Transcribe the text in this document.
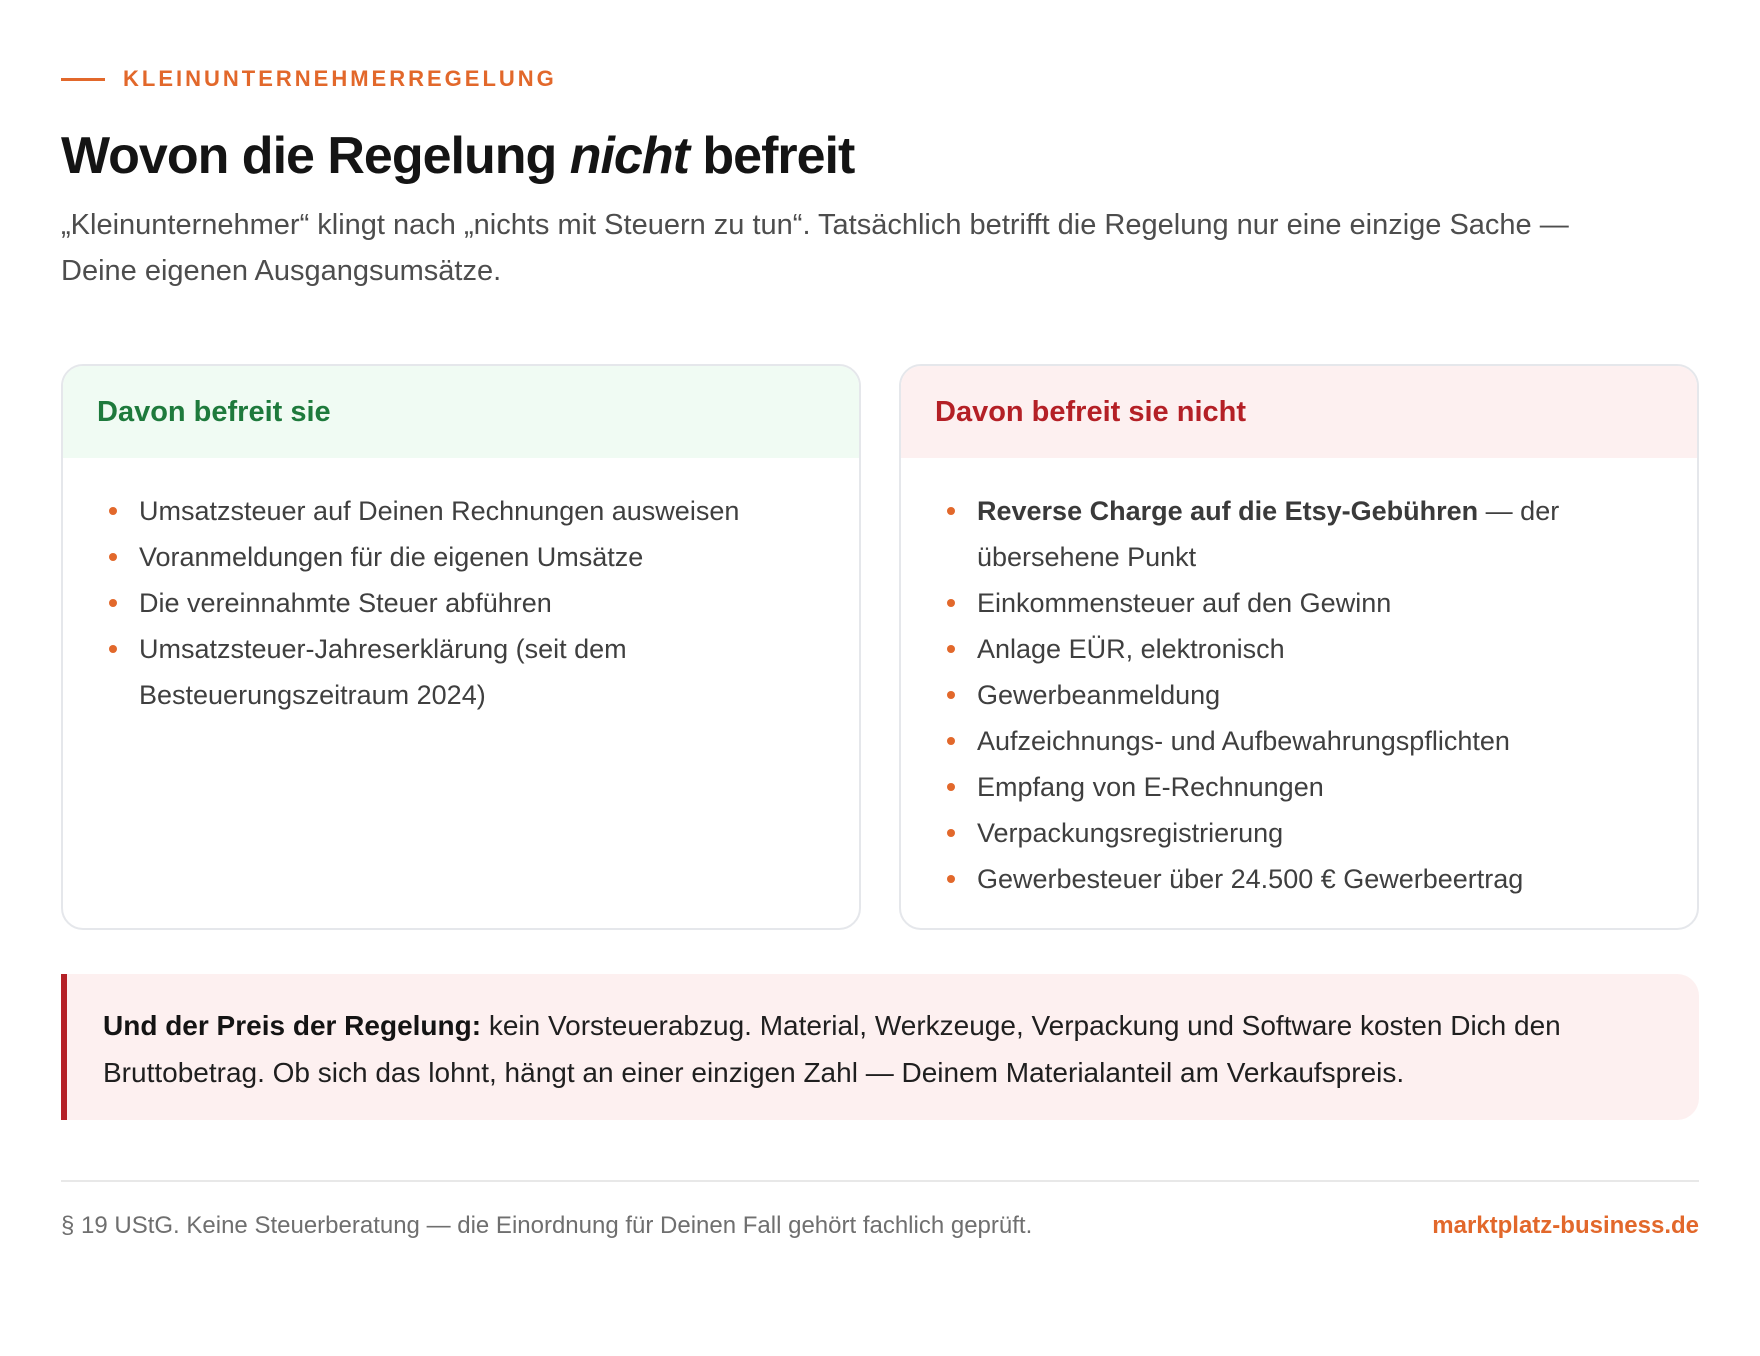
KLEINUNTERNEHMERREGELUNG
Wovon die Regelung nicht befreit

„Kleinunternehmer“ klingt nach „nichts mit Steuern zu tun“. Tatsächlich betrifft die Regelung nur eine einzige Sache — Deine eigenen Ausgangsumsätze.

Davon befreit sie
Umsatzsteuer auf Deinen Rechnungen ausweisen
Voranmeldungen für die eigenen Umsätze
Die vereinnahmte Steuer abführen
Umsatzsteuer-Jahreserklärung (seit dem Besteuerungszeitraum 2024)
Davon befreit sie nicht
Reverse Charge auf die Etsy-Gebühren — der übersehene Punkt
Einkommensteuer auf den Gewinn
Anlage EÜR, elektronisch
Gewerbeanmeldung
Aufzeichnungs- und Aufbewahrungspflichten
Empfang von E-Rechnungen
Verpackungsregistrierung
Gewerbesteuer über 24.500 € Gewerbeertrag
Und der Preis der Regelung: kein Vorsteuerabzug. Material, Werkzeuge, Verpackung und Software kosten Dich den Bruttobetrag. Ob sich das lohnt, hängt an einer einzigen Zahl — Deinem Materialanteil am Verkaufspreis.
§ 19 UStG. Keine Steuerberatung — die Einordnung für Deinen Fall gehört fachlich geprüft.	marktplatz-business.de
